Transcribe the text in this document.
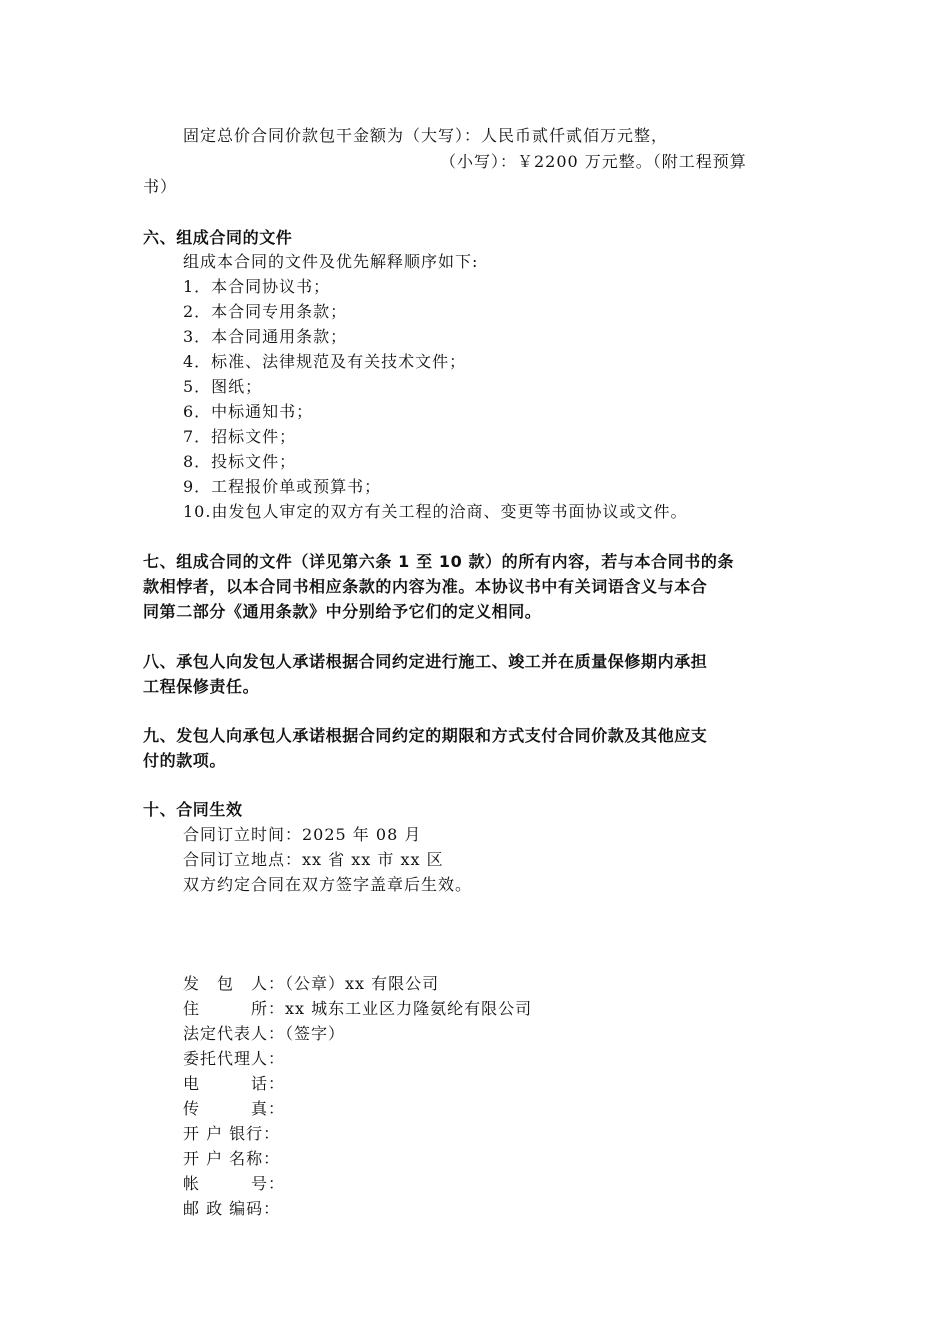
固定总价合同价款包干金额为（大写）：人民币贰仟贰佰万元整，
（小写）：￥2200 万元整。（附工程预算
书）
六、组成合同的文件
组成本合同的文件及优先解释顺序如下:
1．本合同协议书；
2．本合同专用条款；
3．本合同通用条款；
4．标准、法律规范及有关技术文件；
5．图纸；
6．中标通知书；
7．招标文件；
8．投标文件；
9．工程报价单或预算书；
10.由发包人审定的双方有关工程的洽商、变更等书面协议或文件。
七、组成合同的文件（详见第六条 1 至 10 款）的所有内容，若与本合同书的条
款相悖者，以本合同书相应条款的内容为准。本协议书中有关词语含义与本合
同第二部分《通用条款》中分别给予它们的定义相同。
八、承包人向发包人承诺根据合同约定进行施工、竣工并在质量保修期内承担
工程保修责任。
九、发包人向承包人承诺根据合同约定的期限和方式支付合同价款及其他应支
付的款项。
十、合同生效
合同订立时间：2025 年 08 月
合同订立地点：xx 省 xx 市 xx 区
双方约定合同在双方签字盖章后生效。
发　包　人：（公章）xx 有限公司
住　　　所：xx 城东工业区力隆氨纶有限公司
法定代表人：（签字）
委托代理人：
电　　　话：
传　　　真：
开 户 银行：
开 户 名称：
帐　　　号：
邮 政 编码：
